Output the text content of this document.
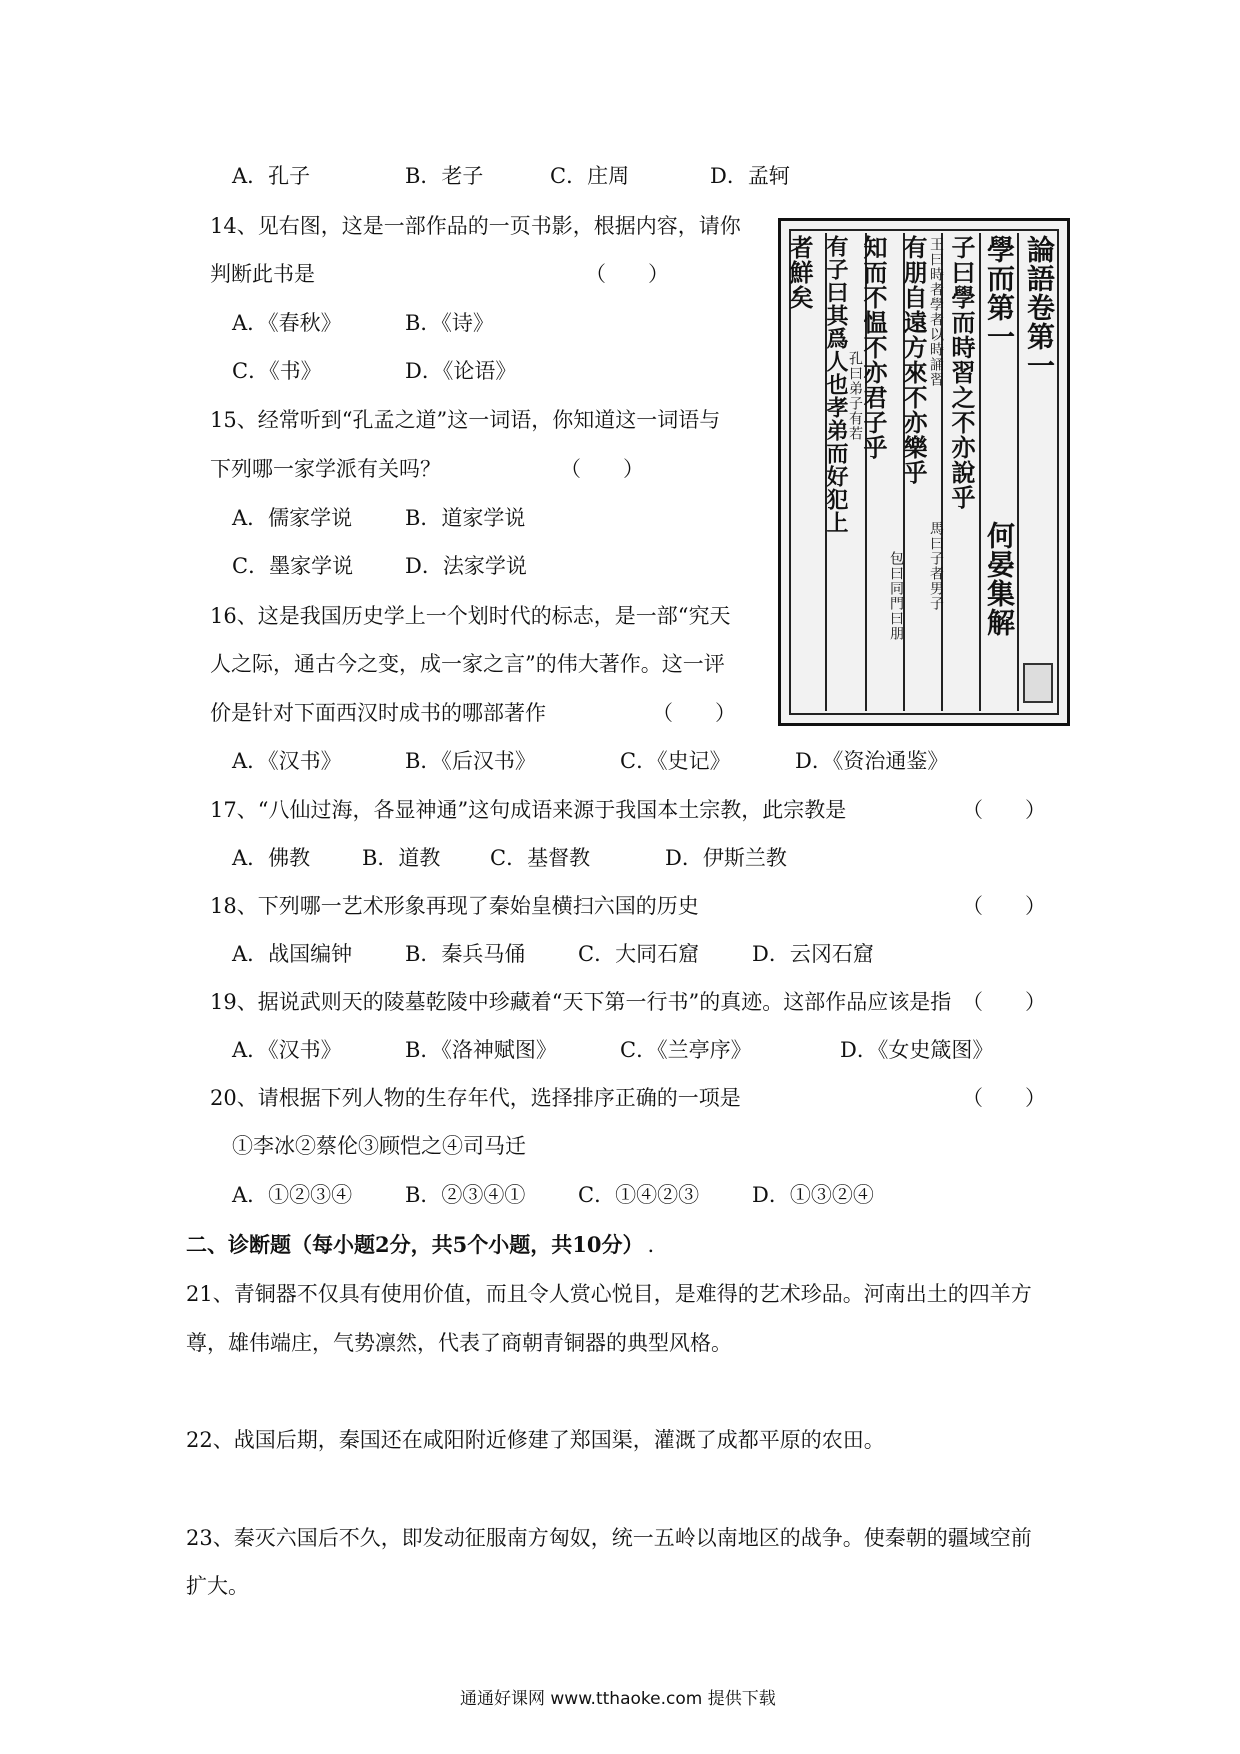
A．孔子	B．老子	C．庄周	D．孟轲
14、见右图，这是一部作品的一页书影，根据内容，请你
判断此书是	（　　）
A．《春秋》	B．《诗》
C．《书》	D．《论语》
15、经常听到“孔孟之道”这一词语，你知道这一词语与
下列哪一家学派有关吗？	（　　）
A．儒家学说	B．道家学说
C．墨家学说 D．法家学说
16、这是我国历史学上一个划时代的标志，是一部“究天
人之际，通古今之变，成一家之言”的伟大著作。这一评
价是针对下面西汉时成书的哪部著作	（　　）
A．《汉书》	B．《后汉书》	C．《史记》	D．《资治通鉴》
17、“八仙过海，各显神通”这句成语来源于我国本土宗教，此宗教是	（　　）
A．佛教 B．道教 C．基督教	D．伊斯兰教
18、下列哪一艺术形象再现了秦始皇横扫六国的历史	（　　）
A．战国编钟	B．秦兵马俑	C．大同石窟	D．云冈石窟
19、据说武则天的陵墓乾陵中珍藏着“天下第一行书”的真迹。这部作品应该是指 （　　）
A．《汉书》	B．《洛神赋图》	C．《兰亭序》	D．《女史箴图》
20、请根据下列人物的生存年代，选择排序正确的一项是	（　　）
①李冰②蔡伦③顾恺之④司马迁
A．①②③④	B．②③④①	C．①④②③	D．①③②④
二、诊断题（每小题2分，共5个小题，共10分） .
21、青铜器不仅具有使用价值，而且令人赏心悦目，是难得的艺术珍品。河南出土的四羊方
尊，雄伟端庄，气势凛然，代表了商朝青铜器的典型风格。
22、战国后期，秦国还在咸阳附近修建了郑国渠，灌溉了成都平原的农田。
23、秦灭六国后不久，即发动征服南方匈奴，统一五岭以南地区的战争。使秦朝的疆域空前
扩大。
論語卷第一
學而第一
何晏集解
子曰學而時習之不亦說乎
王曰時者學者以時誦習
有朋自遠方來不亦樂乎
馬曰子者男子
知而不愠不亦君子乎
包曰同門曰朋
有子曰其爲人也孝弟而好犯上
孔曰弟子有若
者鮮矣
通通好课网 www.tthaoke.com 提供下载
